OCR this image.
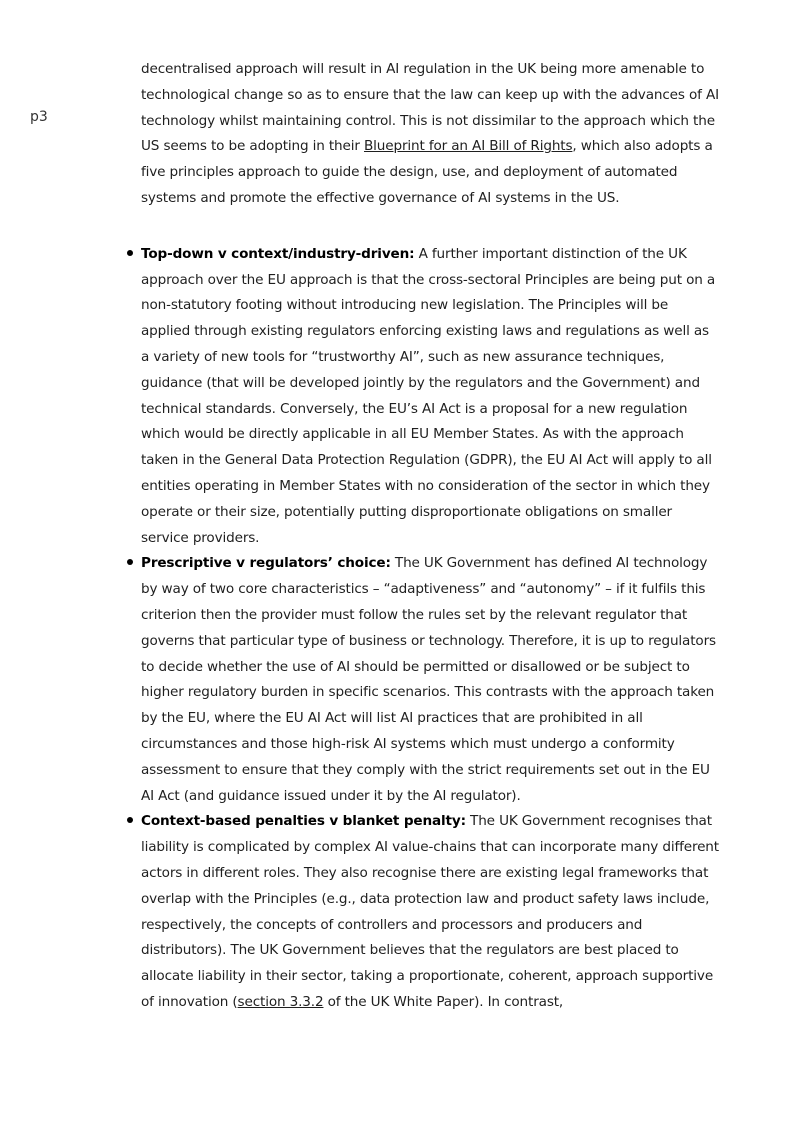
p3

decentralised approach will result in AI regulation in the UK being more amenable to technological change so as to ensure that the law can keep up with the advances of AI technology whilst maintaining control. This is not dissimilar to the approach which the US seems to be adopting in their Blueprint for an AI Bill of Rights, which also adopts a five principles approach to guide the design, use, and deployment of automated systems and promote the effective governance of AI systems in the US.

Top-down v context/industry-driven: A further important distinction of the UK approach over the EU approach is that the cross-sectoral Principles are being put on a non-statutory footing without introducing new legislation. The Principles will be applied through existing regulators enforcing existing laws and regulations as well as a variety of new tools for “trustworthy AI”, such as new assurance techniques, guidance (that will be developed jointly by the regulators and the Government) and technical standards. Conversely, the EU’s AI Act is a proposal for a new regulation which would be directly applicable in all EU Member States. As with the approach taken in the General Data Protection Regulation (GDPR), the EU AI Act will apply to all entities operating in Member States with no consideration of the sector in which they operate or their size, potentially putting disproportionate obligations on smaller service providers.
Prescriptive v regulators’ choice: The UK Government has defined AI technology by way of two core characteristics – “adaptiveness” and “autonomy” – if it fulfils this criterion then the provider must follow the rules set by the relevant regulator that governs that particular type of business or technology. Therefore, it is up to regulators to decide whether the use of AI should be permitted or disallowed or be subject to higher regulatory burden in specific scenarios. This contrasts with the approach taken by the EU, where the EU AI Act will list AI practices that are prohibited in all circumstances and those high-risk AI systems which must undergo a conformity assessment to ensure that they comply with the strict requirements set out in the EU AI Act (and guidance issued under it by the AI regulator).
Context-based penalties v blanket penalty: The UK Government recognises that liability is complicated by complex AI value-chains that can incorporate many different actors in different roles. They also recognise there are existing legal frameworks that overlap with the Principles (e.g., data protection law and product safety laws include, respectively, the concepts of controllers and processors and producers and distributors). The UK Government believes that the regulators are best placed to allocate liability in their sector, taking a proportionate, coherent, approach supportive of innovation (section 3.3.2 of the UK White Paper). In contrast,
